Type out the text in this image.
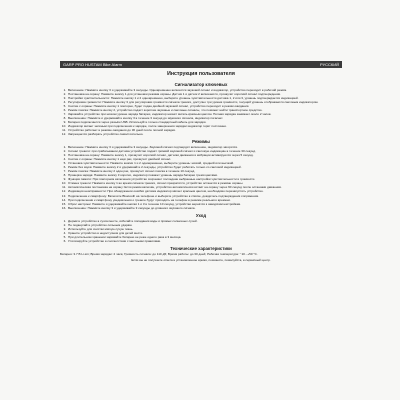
GARP PRO HUSTAM Bike Alarm	РУССКИЙ
Инструкция пользователя
Сигнализатор ключевых
1. Включение: Нажмите кнопку 3 и удерживайте 3 секунды. Одновременно включится звуковой сигнал и индикатор, устройство переходит в рабочий режим.
2. Постановка на охрану: Нажмите кнопку 1 для установки режима охраны. Датчик 1 и датчик 2 включаются, прозвучит короткий сигнал подтверждения.
3. Настройки чувствительности: Нажмите кнопку 1 и 2 одновременно, выберите уровень чувствительности датчика 1, 2 или 3, уровень подтверждается индикацией.
4. Регулировка громкости: Нажмите кнопку 3 для регулировки громкости сигнала тревоги, доступно три уровня громкости, текущий уровень отображается световым индикатором.
5. Снятие с охраны: Нажмите кнопку 1 повторно, будет подан двойной звуковой сигнал, устройство переходит в режим ожидания.
6. Режим поиска: Нажмите кнопку 2, устройство подаст короткие звуковые и световые сигналы, что поможет найти транспортное средство.
7. Заряжайте устройство при низком уровне заряда батареи, индикатор начнёт мигать красным цветом. Полная зарядка занимает около 2 часов.
8. Выключение: Нажмите и удерживайте кнопку 3 в течение 3 секунд до звукового сигнала, индикатор погаснет.
9. Батарея подключается через разъём USB. Используйте только стандартный кабель для зарядки.
10. Индикатор мигает зелёным при подключении к зарядке, после завершения зарядки индикатор горит постоянно.
11. Устройство работает в режиме ожидания до 30 дней после полной зарядки.
12. Запрещается разбирать устройство самостоятельно.
Режимы
1. Включение: Нажмите кнопку 3 и удерживайте 3 секунды. Звуковой сигнал подтвердит включение, индикатор загорится.
2. Сигнал тревоги: при срабатывании датчика устройство подаёт громкий звуковой сигнал и световую индикацию в течение 30 секунд.
3. Постановка на охрану: Нажмите кнопку 1, прозвучит короткий сигнал, датчики движения и вибрации активируются через 5 секунд.
4. Снятие с охраны: Нажмите кнопку 1 ещё раз, прозвучит двойной сигнал.
5. Установка чувствительности: Нажмите кнопки 1 и 2 одновременно, выберите уровень: низкий, средний или высокий.
6. Режим без звука: Нажмите кнопку 2 и удерживайте 2 секунды, устройство будет работать только со световой индикацией.
7. Режим поиска: Нажмите кнопку 2 один раз, прозвучит сигнал поиска в течение 10 секунд.
8. Проверка заряда: Нажмите кнопку 3 коротко, индикатор покажет уровень заряда батареи тремя цветами.
9. Функция памяти: При повторном включении устройство сохраняет последние выбранные настройки чувствительности и громкости.
10. Отмена тревоги: Нажмите кнопку 1 во время сигнала тревоги, сигнал прекратится, устройство останется в режиме охраны.
11. Автоматическая постановка на охрану: Если режим включён, устройство автоматически встаёт на охрану через 60 секунд после остановки движения.
12. Индикация неисправности: При обнаружении ошибки датчика индикатор мигает красным цветом, необходимо перезапустить устройство.
13. Подключение к смартфону: Включите Bluetooth на телефоне и выберите устройство в списке, дождитесь подтверждения сопряжения.
14. При подключении к смартфону уведомления о тревоге будут приходить на телефон в режиме реального времени.
15. Сброс настроек: Нажмите и удерживайте кнопки 1 и 3 в течение 10 секунд, устройство вернётся к заводским настройкам.
16. Выключение: Нажмите кнопку 3 и удерживайте 3 секунды до длинного звукового сигнала.
Уход
1. Держите устройство в сухом месте, избегайте попадания воды и прямых солнечных лучей.
2. Не подвергайте устройство сильным ударам.
3. Используйте для очистки мягкую сухую ткань.
4. Храните устройство в недоступном для детей месте.
5. При длительном хранении заряжайте батарею не реже одного раза в 3 месяца.
6. Утилизируйте устройство в соответствии с местными правилами.
Технические характеристики
Батарея: 3.7 В Li-ion; Время зарядки: 2 часа; Громкость сигнала: до 110 дБ; Время работы: до 30 дней; Рабочая температура: −10...+50 °C.
Если вы не получаете ответа в установленное время, позвоните, пожалуйста, в сервисный центр.
